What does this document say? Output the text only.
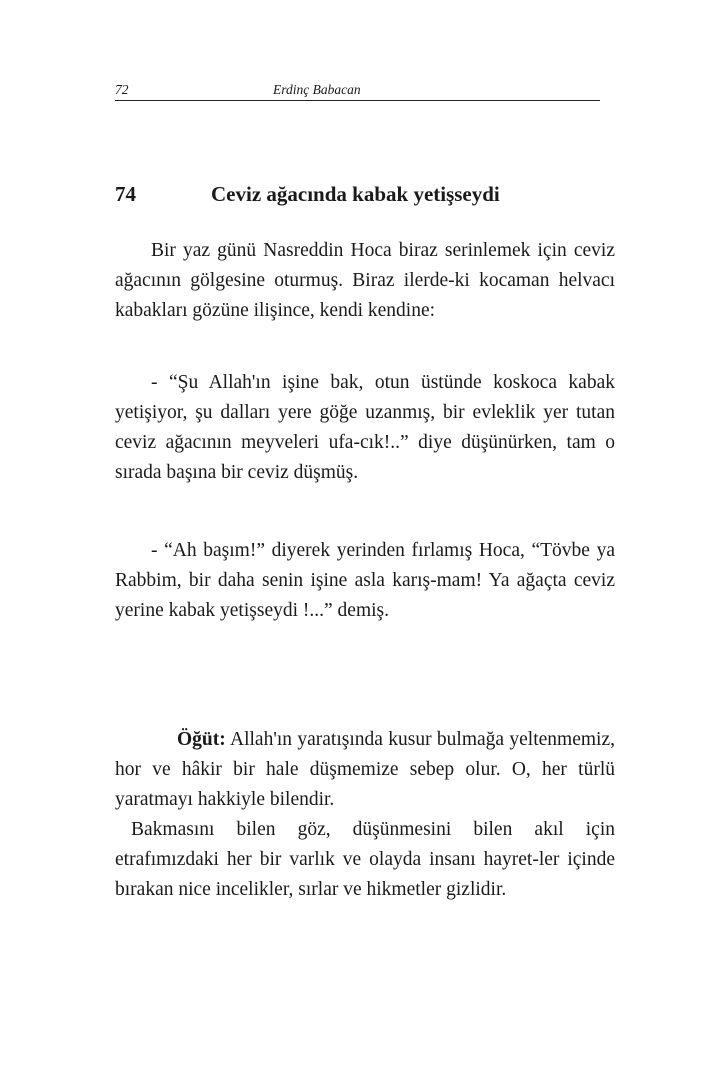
72	Erdinç Babacan
74	Ceviz ağacında kabak yetişseydi

Bir yaz günü Nasreddin Hoca biraz serinlemek için ceviz ağacının gölgesine oturmuş. Biraz ilerde-ki kocaman helvacı kabakları gözüne ilişince, kendi kendine:

- “Şu Allah'ın işine bak, otun üstünde koskoca kabak yetişiyor, şu dalları yere göğe uzanmış, bir evleklik yer tutan ceviz ağacının meyveleri ufa-cık!..” diye düşünürken, tam o sırada başına bir ceviz düşmüş.

- “Ah başım!” diyerek yerinden fırlamış Hoca, “Tövbe ya Rabbim, bir daha senin işine asla karış-mam! Ya ağaçta ceviz yerine kabak yetişseydi !...” demiş.

Öğüt: Allah'ın yaratışında kusur bulmağa yeltenmemiz, hor ve hâkir bir hale düşmemize sebep olur. O, her türlü yaratmayı hakkiyle bilendir.

Bakmasını bilen göz, düşünmesini bilen akıl için etrafımızdaki her bir varlık ve olayda insanı hayret-ler içinde bırakan nice incelikler, sırlar ve hikmetler gizlidir.
